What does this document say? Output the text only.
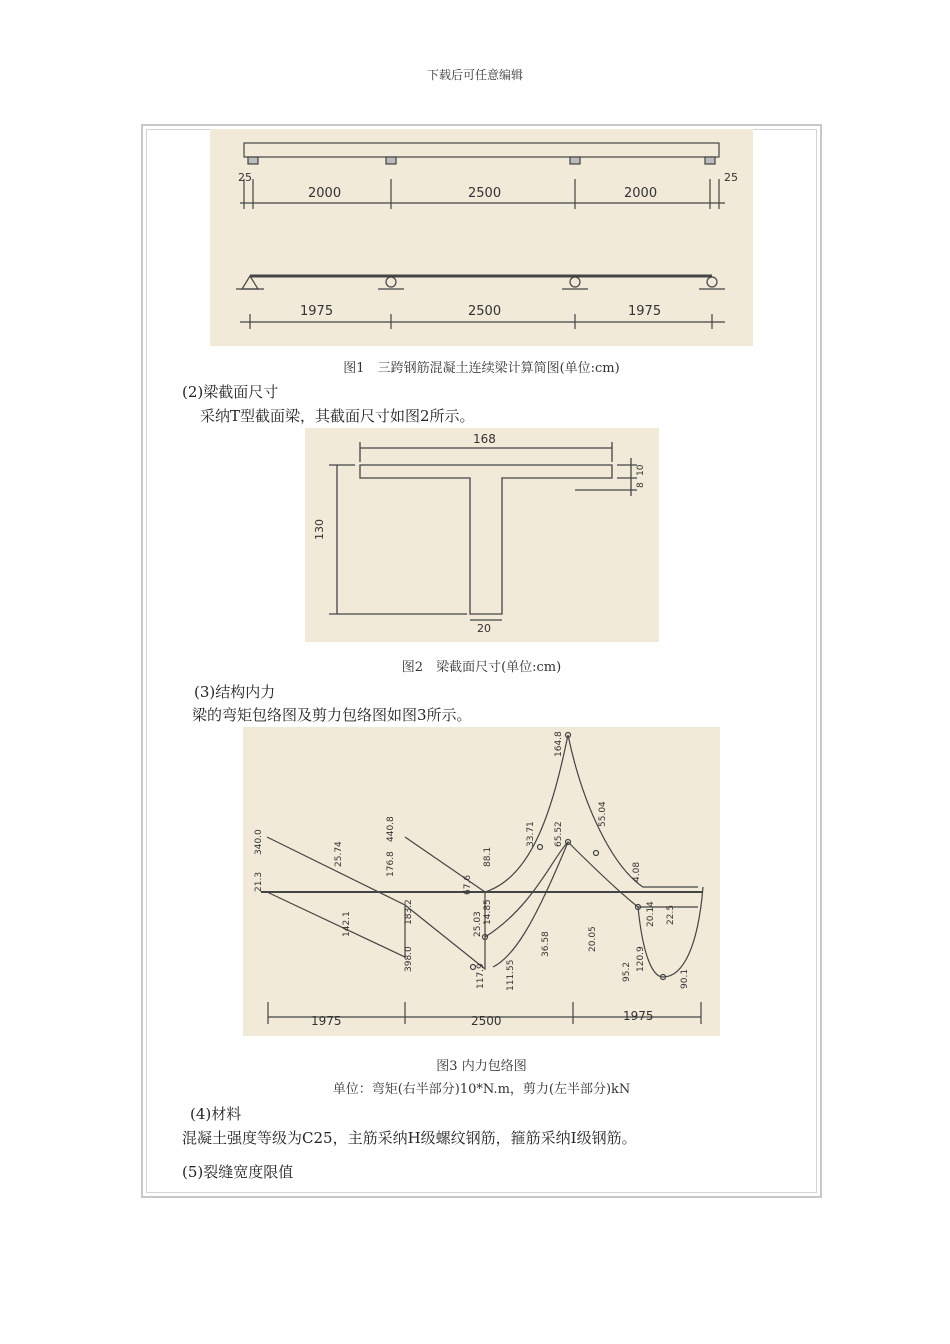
下载后可任意编辑
25
2000	2500	2000
25
1975	2500	1975
图1　三跨钢筋混凝土连续梁计算简图(单位:cm)
(2)梁截面尺寸
采纳T型截面梁，其截面尺寸如图2所示。
168
130
20
10
8
图2　梁截面尺寸(单位:cm)
(3)结构内力
梁的弯矩包络图及剪力包络图如图3所示。
340.0
21.3
25.74
142.1
440.8
176.8
183.2
398.0
88.1
67.6
25.03 14.85
117.9 111.55
33.71 65.52
164.8
36.58
55.04
20.05
4.08
95.2 120.9
20.14 22.5
90.1
1975	2500	1975
图3 内力包络图
单位：弯矩(右半部分)10*N.m，剪力(左半部分)kN
(4)材料
混凝土强度等级为C25，主筋采纳H级螺纹钢筋，箍筋采纳Ⅰ级钢筋。
(5)裂缝宽度限值
